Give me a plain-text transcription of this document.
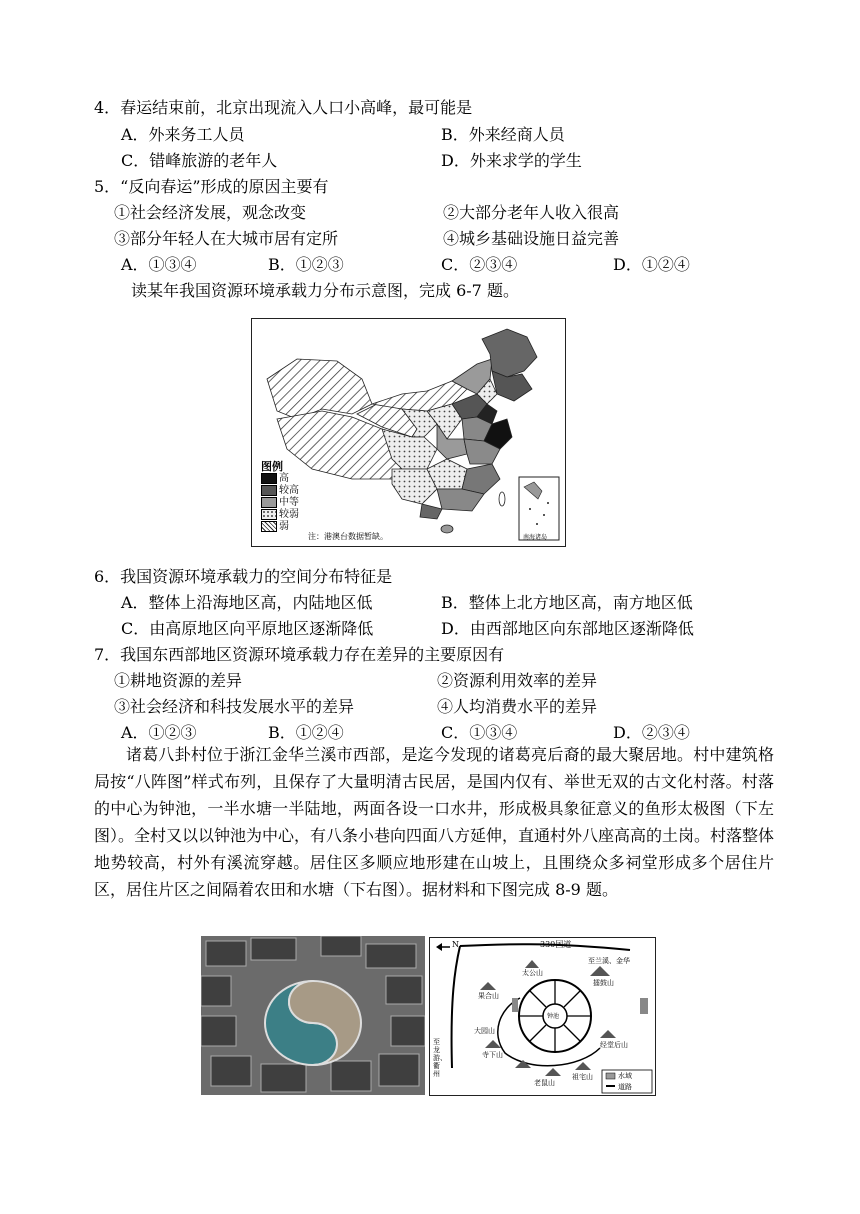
4．春运结束前，北京出现流入人口小高峰，最可能是
A．外来务工人员	B．外来经商人员
C．错峰旅游的老年人	D．外来求学的学生
5．“反向春运”形成的原因主要有
①社会经济发展，观念改变	②大部分老年人收入很高
③部分年轻人在大城市居有定所	④城乡基础设施日益完善
A．①③④	B．①②③	C．②③④	D．①②④
读某年我国资源环境承载力分布示意图，完成 6-7 题。
图例
高
较高
中等
较弱
弱
注：港澳台数据暂缺。	南海诸岛
6．我国资源环境承载力的空间分布特征是
A．整体上沿海地区高，内陆地区低	B．整体上北方地区高，南方地区低
C．由高原地区向平原地区逐渐降低	D．由西部地区向东部地区逐渐降低
7．我国东西部地区资源环境承载力存在差异的主要原因有
①耕地资源的差异	②资源利用效率的差异
③社会经济和科技发展水平的差异	④人均消费水平的差异
A．①②③	B．①②④	C．①③④	D．②③④
诸葛八卦村位于浙江金华兰溪市西部，是迄今发现的诸葛亮后裔的最大聚居地。村中建筑格局按“八阵图”样式布列，且保存了大量明清古民居，是国内仅有、举世无双的古文化村落。村落的中心为钟池，一半水塘一半陆地，两面各设一口水井，形成极具象征意义的鱼形太极图（下左图）。全村又以以钟池为中心，有八条小巷向四面八方延伸，直通村外八座高高的土岗。村落整体地势较高，村外有溪流穿越。居住区多顺应地形建在山坡上，且围绕众多祠堂形成多个居住片区，居住片区之间隔着农田和水塘（下右图）。据材料和下图完成 8-9 题。
N	330国道
至兰溪、金华
至龙游、衢州
太公山
果合山
擂鼓山
大园山
经堂后山
寺下山
老鼠山
祖宅山
钟池
水域
道路
